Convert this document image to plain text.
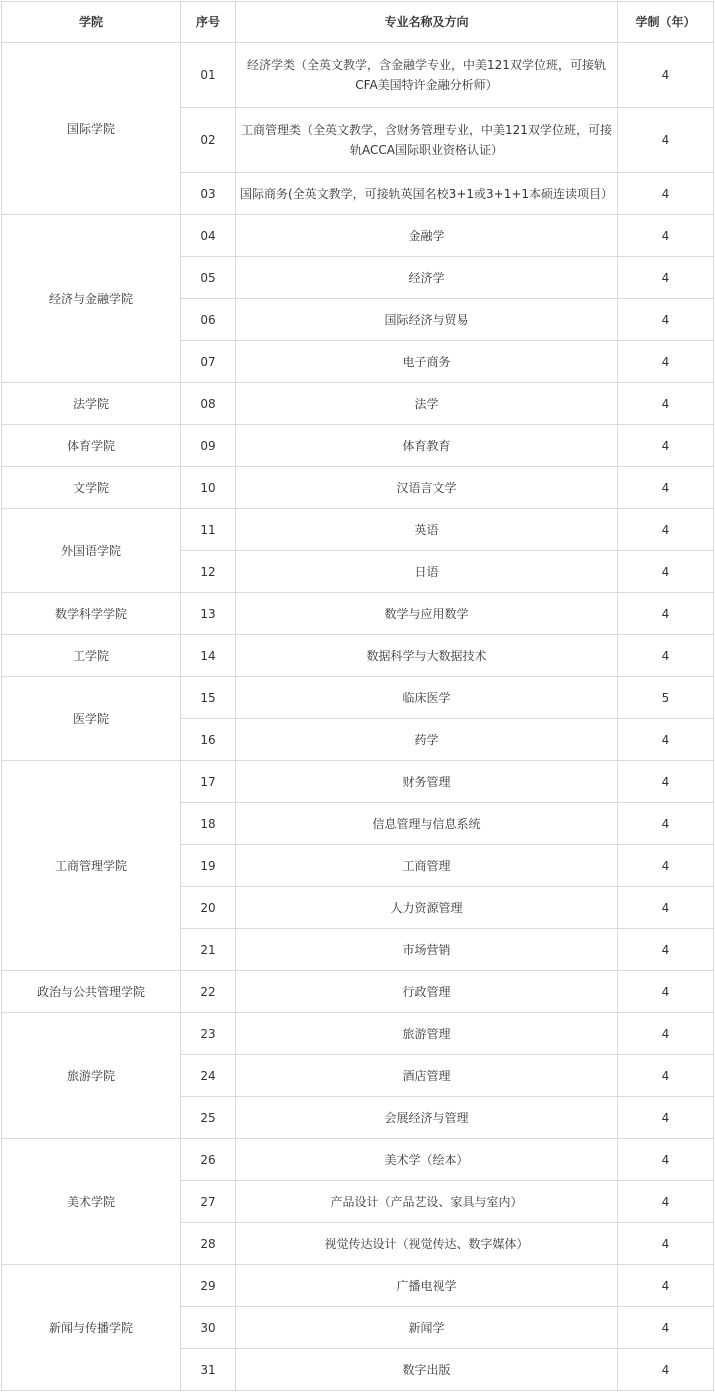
学院	序号	专业名称及方向	学制（年）
国际学院	01	经济学类（全英文教学，含金融学专业，中美121双学位班，可接轨CFA美国特许金融分析师）	4
	02	工商管理类（全英文教学，含财务管理专业，中美121双学位班，可接轨ACCA国际职业资格认证）	4
	03	国际商务(全英文教学，可接轨英国名校3+1或3+1+1本硕连读项目）	4
经济与金融学院	04	金融学	4
	05	经济学	4
	06	国际经济与贸易	4
	07	电子商务	4
法学院	08	法学	4
体育学院	09	体育教育	4
文学院	10	汉语言文学	4
外国语学院	11	英语	4
	12	日语	4
数学科学学院	13	数学与应用数学	4
工学院	14	数据科学与大数据技术	4
医学院	15	临床医学	5
	16	药学	4
工商管理学院	17	财务管理	4
	18	信息管理与信息系统	4
	19	工商管理	4
	20	人力资源管理	4
	21	市场营销	4
政治与公共管理学院	22	行政管理	4
旅游学院	23	旅游管理	4
	24	酒店管理	4
	25	会展经济与管理	4
美术学院	26	美术学（绘本）	4
	27	产品设计（产品艺设、家具与室内）	4
	28	视觉传达设计（视觉传达、数字媒体）	4
新闻与传播学院	29	广播电视学	4
	30	新闻学	4
	31	数字出版	4
